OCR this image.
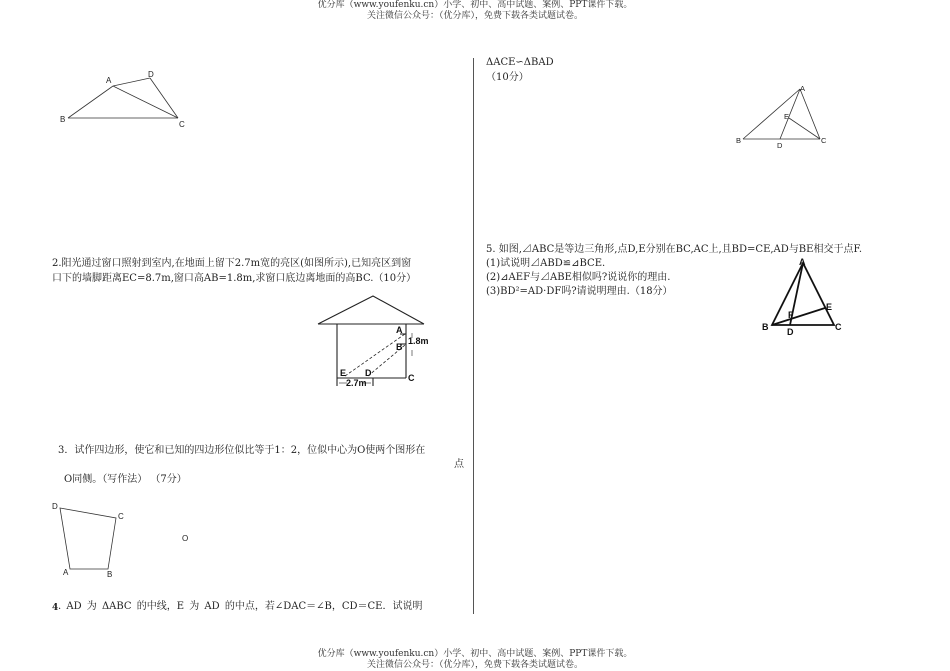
优分库（www.youfenku.cn）小学、初中、高中试题、案例、PPT课件下载。
关注微信公众号：（优分库），免费下载各类试题试卷。
A
D
B
C
2.阳光通过窗口照射到室内,在地面上留下2.7m宽的亮区(如图所示),已知亮区到窗
口下的墙脚距离EC=8.7m,窗口高AB=1.8m,求窗口底边离地面的高BC.（10分）
A
B
C
D
E
1.8m
2.7m
3．试作四边形，使它和已知的四边形位似比等于1：2，位似中心为O使两个图形在
点
O同侧。（写作法） （7分）
D
C
A	B
O
4 . AD 为 ΔABC 的中线，E 为 AD 的中点，若∠DAC＝∠B，CD＝CE．试说明
ΔACE∽ΔBAD
（10分）
A
E
B
D
C
5. 如图,⊿ABC是等边三角形,点D,E分别在BC,AC上,且BD=CE,AD与BE相交于点F.
(1)试说明⊿ABD≌⊿BCE.
(2)⊿AEF与⊿ABE相似吗?说说你的理由.
(3)BD²=AD·DF吗?请说明理由.（18分）
A
B	C
D
E
F
优分库（www.youfenku.cn）小学、初中、高中试题、案例、PPT课件下载。
关注微信公众号：（优分库），免费下载各类试题试卷。
